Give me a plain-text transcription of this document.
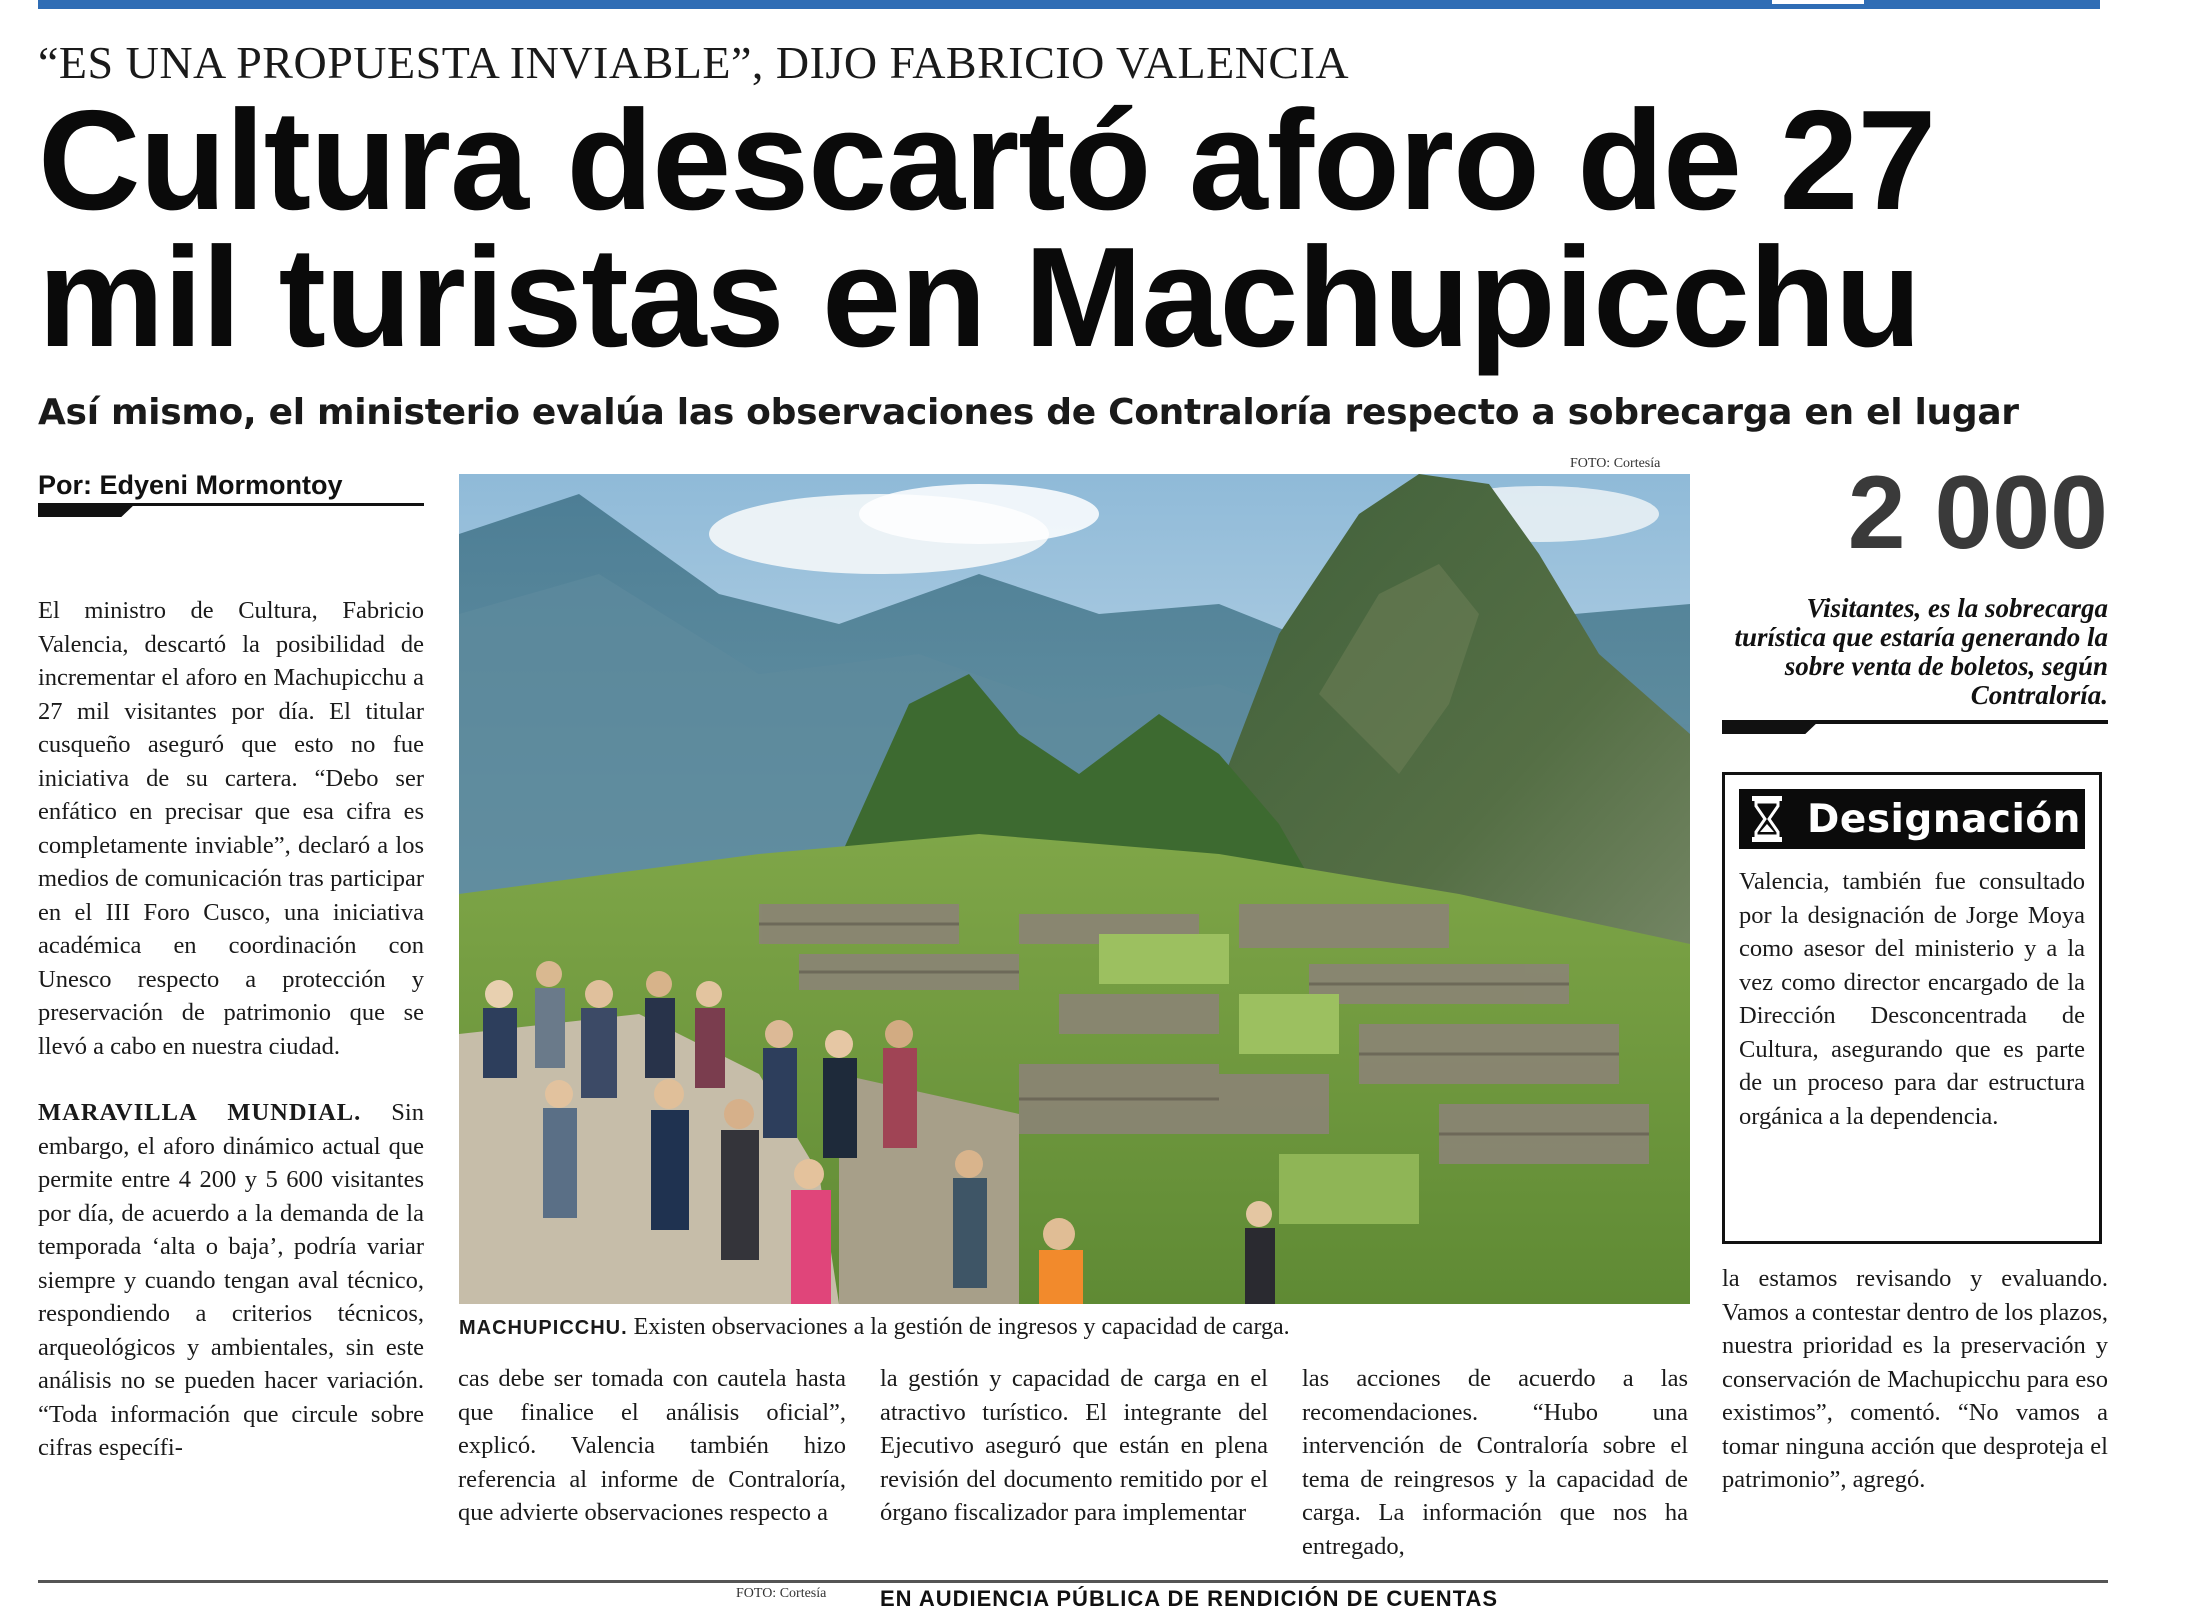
“ES UNA PROPUESTA INVIABLE”, DIJO FABRICIO VALENCIA
Cultura descartó aforo de 27
mil turistas en Machupicchu
Así mismo, el ministerio evalúa las observaciones de Contraloría respecto a sobrecarga en el lugar
Por: Edyeni Mormontoy

El ministro de Cultura, Fabricio Valencia, descartó la posibilidad de incrementar el aforo en Machupicchu a 27 mil visitantes por día. El titular cusqueño aseguró que esto no fue iniciativa de su cartera. “Debo ser enfático en precisar que esa cifra es completamente inviable”, declaró a los medios de comunicación tras participar en el III Foro Cusco, una iniciativa académica en coordinación con Unesco respecto a protección y preservación de patrimonio que se llevó a cabo en nuestra ciudad.

MARAVILLA MUNDIAL. Sin embargo, el aforo dinámico actual que permite entre 4 200 y 5 600 visitantes por día, de acuerdo a la demanda de la temporada ‘alta o baja’, podría variar siempre y cuando tengan aval técnico, respondiendo a criterios técnicos, arqueológicos y ambientales, sin este análisis no se pueden hacer variación. “Toda información que circule sobre cifras específi-

FOTO: Cortesía
MACHUPICCHU. Existen observaciones a la gestión de ingresos y capacidad de carga.
cas debe ser tomada con cautela hasta que finalice el análisis oficial”, explicó. Valencia también hizo referencia al informe de Contraloría, que advierte observaciones respecto a
la gestión y capacidad de carga en el atractivo turístico. El integrante del Ejecutivo aseguró que están en plena revisión del documento remitido por el órgano fiscalizador para implementar
las acciones de acuerdo a las recomendaciones. “Hubo una intervención de Contraloría sobre el tema de reingresos y la capacidad de carga. La información que nos ha entregado,
2 000
Visitantes, es la sobrecarga turística que estaría generando la sobre venta de boletos, según Contraloría.
Designación
Valencia, también fue consultado por la designación de Jorge Moya como asesor del ministerio y a la vez como director encargado de la Dirección Desconcentrada de Cultura, asegurando que es parte de un proceso para dar estructura orgánica a la dependencia.
la estamos revisando y evaluando. Vamos a contestar dentro de los plazos, nuestra prioridad es la preservación y conservación de Machupicchu para eso existimos”, comentó. “No vamos a tomar ninguna acción que desproteja el patrimonio”, agregó.
FOTO: Cortesía EN AUDIENCIA PÚBLICA DE RENDICIÓN DE CUENTAS
